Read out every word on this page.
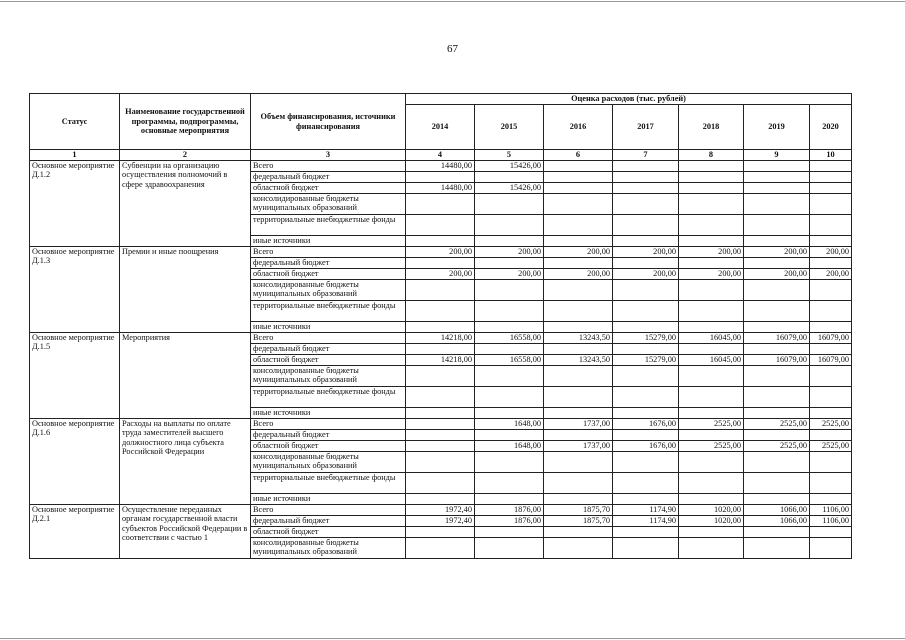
67
Статус	Наименование государственной программы, подпрограммы, основные мероприятия	Объем финансирования, источники финансирования	Оценка расходов (тыс. рублей)						
			2014	2015	2016	2017	2018	2019	2020
1	2	3	4	5	6	7	8	9	10
Основное мероприятие Д.1.2	Субвенции на организацию осуществления полномочий в сфере здравоохранения	Всего	14480,00	15426,00					
		федеральный бюджет							
		областной бюджет	14480,00	15426,00					
		консолидированные бюджеты муниципальных образований							
		территориальные внебюджетные фонды							
		иные источники							
Основное мероприятие Д.1.3	Премии и иные поощрения	Всего	200,00	200,00	200,00	200,00	200,00	200,00	200,00
		федеральный бюджет							
		областной бюджет	200,00	200,00	200,00	200,00	200,00	200,00	200,00
		консолидированные бюджеты муниципальных образований							
		территориальные внебюджетные фонды							
		иные источники							
Основное мероприятие Д.1.5	Мероприятия	Всего	14218,00	16558,00	13243,50	15279,00	16045,00	16079,00	16079,00
		федеральный бюджет							
		областной бюджет	14218,00	16558,00	13243,50	15279,00	16045,00	16079,00	16079,00
		консолидированные бюджеты муниципальных образований							
		территориальные внебюджетные фонды							
		иные источники							
Основное мероприятие Д.1.6	Расходы на выплаты по оплате труда заместителей высшего должностного лица субъекта Российской Федерации	Всего		1648,00	1737,00	1676,00	2525,00	2525,00	2525,00
		федеральный бюджет							
		областной бюджет		1648,00	1737,00	1676,00	2525,00	2525,00	2525,00
		консолидированные бюджеты муниципальных образований							
		территориальные внебюджетные фонды							
		иные источники							
Основное мероприятие Д.2.1	Осуществление переданных органам государственной власти субъектов Российской Федерации в соответствии с частью 1	Всего	1972,40	1876,00	1875,70	1174,90	1020,00	1066,00	1106,00
		федеральный бюджет	1972,40	1876,00	1875,70	1174,90	1020,00	1066,00	1106,00
		областной бюджет							
		консолидированные бюджеты муниципальных образований							
